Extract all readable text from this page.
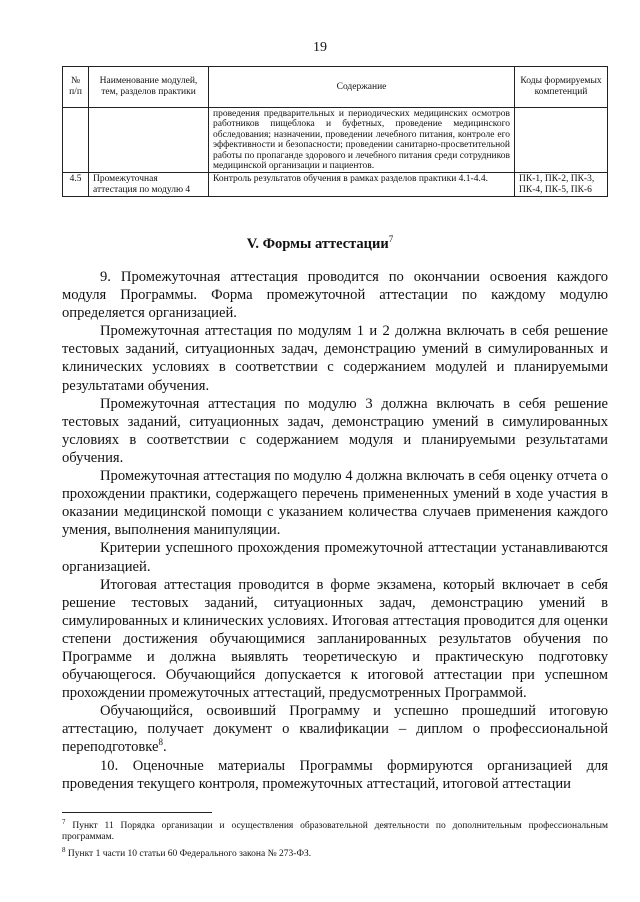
19
№ п/п	Наименование модулей, тем, разделов практики	Содержание	Коды формируемых компетенций
		проведения предварительных и периодических медицинских осмотров работников пищеблока и буфетных, проведение медицинского обследования; назначении, проведении лечебного питания, контроле его эффективности и безопасности; проведении санитарно-просветительной работы по пропаганде здорового и лечебного питания среди сотрудников медицинской организации и пациентов.	
4.5	Промежуточная аттестация по модулю 4	Контроль результатов обучения в рамках разделов практики 4.1-4.4.	ПК-1, ПК-2, ПК-3, ПК-4, ПК-5, ПК-6
V. Формы аттестации$^7$

9. Промежуточная аттестация проводится по окончании освоения каждого модуля Программы. Форма промежуточной аттестации по каждому модулю определяется организацией.

Промежуточная аттестация по модулям 1 и 2 должна включать в себя решение тестовых заданий, ситуационных задач, демонстрацию умений в симулированных и клинических условиях в соответствии с содержанием модулей и планируемыми результатами обучения.

Промежуточная аттестация по модулю 3 должна включать в себя решение тестовых заданий, ситуационных задач, демонстрацию умений в симулированных условиях в соответствии с содержанием модуля и планируемыми результатами обучения.

Промежуточная аттестация по модулю 4 должна включать в себя оценку отчета о прохождении практики, содержащего перечень примененных умений в ходе участия в оказании медицинской помощи с указанием количества случаев применения каждого умения, выполнения манипуляции.

Критерии успешного прохождения промежуточной аттестации устанавливаются организацией.

Итоговая аттестация проводится в форме экзамена, который включает в себя решение тестовых заданий, ситуационных задач, демонстрацию умений в симулированных и клинических условиях. Итоговая аттестация проводится для оценки степени достижения обучающимися запланированных результатов обучения по Программе и должна выявлять теоретическую и практическую подготовку обучающегося. Обучающийся допускается к итоговой аттестации при успешном прохождении промежуточных аттестаций, предусмотренных Программой.

Обучающийся, освоивший Программу и успешно прошедший итоговую аттестацию, получает документ о квалификации – диплом о профессиональной переподготовке$^8$.

10. Оценочные материалы Программы формируются организацией для проведения текущего контроля, промежуточных аттестаций, итоговой аттестации

$^7$ Пункт 11 Порядка организации и осуществления образовательной деятельности по дополнительным профессиональным программам.

$^8$ Пункт 1 части 10 статьи 60 Федерального закона № 273-ФЗ.
